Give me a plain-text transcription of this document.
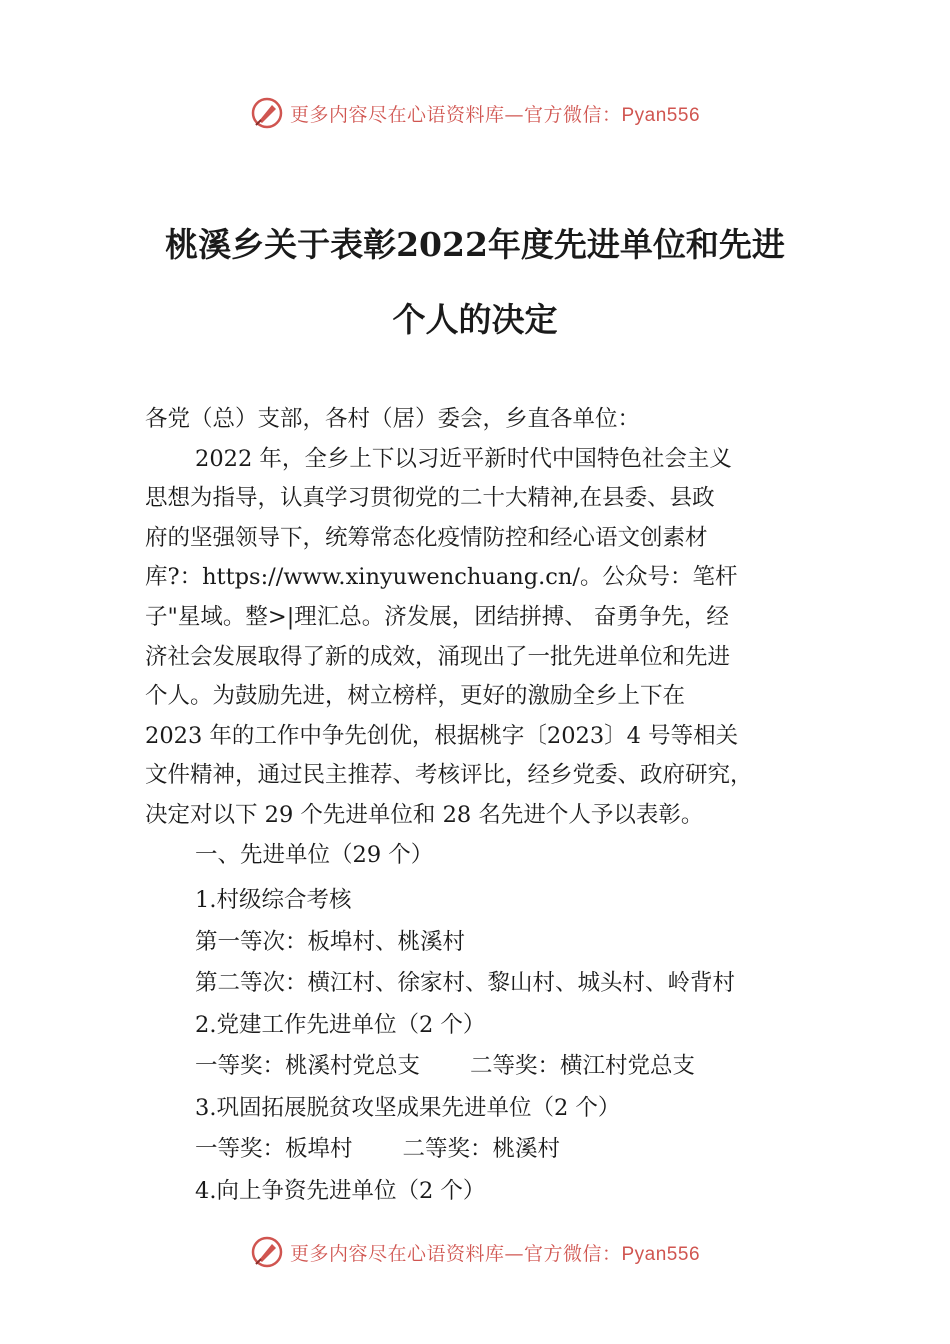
更多内容尽在心语资料库—官方微信：Pyan556
桃溪乡关于表彰2022年度先进单位和先进
个人的决定
各党（总）支部，各村（居）委会，乡直各单位：
2022 年，全乡上下以习近平新时代中国特色社会主义
思想为指导，认真学习贯彻党的二十大精神,在县委、县政
府的坚强领导下，统筹常态化疫情防控和经心语文创素材
库?：https://www.xinyuwenchuang.cn/。公众号：笔杆
子"星域。整>|理汇总。济发展，团结拼搏、 奋勇争先，经
济社会发展取得了新的成效，涌现出了一批先进单位和先进
个人。为鼓励先进，树立榜样，更好的激励全乡上下在
2023 年的工作中争先创优，根据桃字〔2023〕4 号等相关
文件精神，通过民主推荐、考核评比，经乡党委、政府研究，
决定对以下 29 个先进单位和 28 名先进个人予以表彰。
一、先进单位（29 个）
1.村级综合考核
第一等次：板埠村、桃溪村
第二等次：横江村、徐家村、黎山村、城头村、岭背村
2.党建工作先进单位（2 个）
一等奖：桃溪村党总支 二等奖：横江村党总支
3.巩固拓展脱贫攻坚成果先进单位（2 个）
一等奖：板埠村 二等奖：桃溪村
4.向上争资先进单位（2 个）
更多内容尽在心语资料库—官方微信：Pyan556
